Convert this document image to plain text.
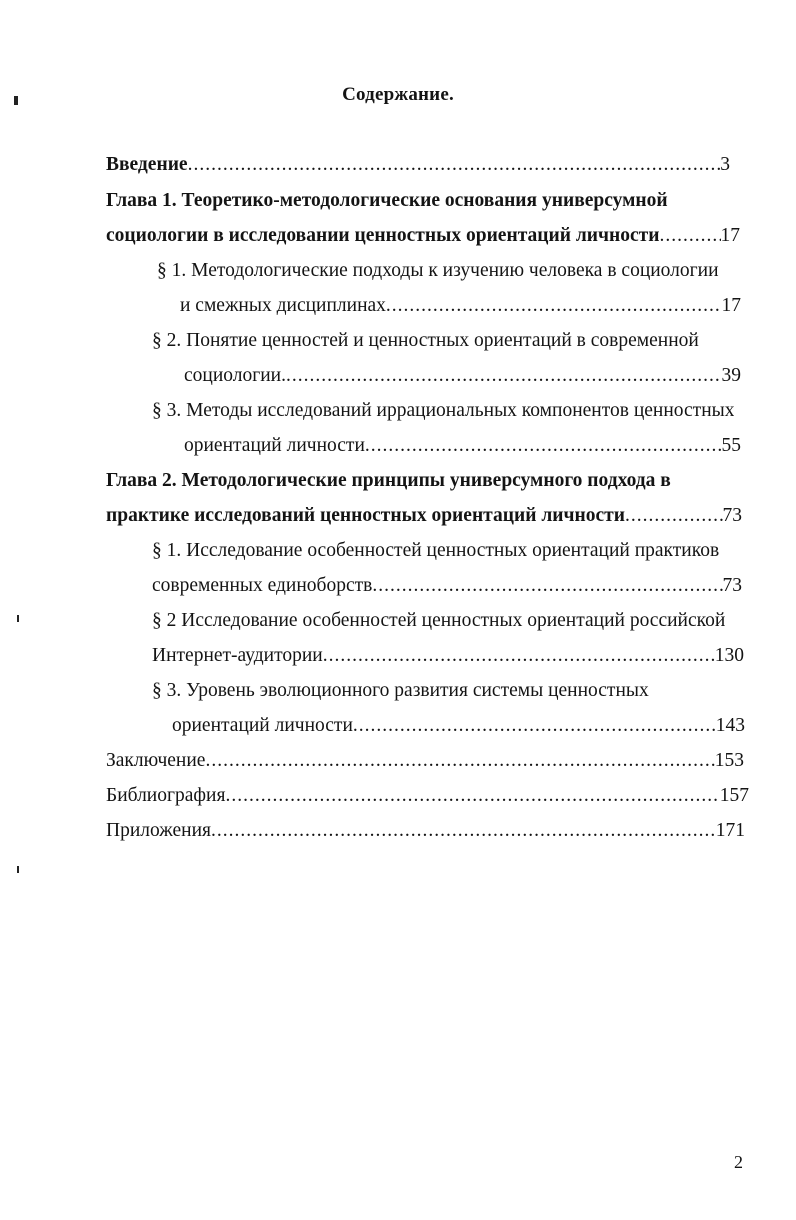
Содержание.
Введение .....	3
Глава 1. Теоретико-методологические основания универсумной
социологии в исследовании ценностных ориентаций личности .....	17
§ 1. Методологические подходы к изучению человека в социологии
и смежных дисциплинах .....	17
§ 2. Понятие ценностей и ценностных ориентаций в современной
социологии. .....	39
§ 3. Методы исследований иррациональных компонентов ценностных
ориентаций личности .....	55
Глава 2. Методологические принципы универсумного подхода в
практике исследований ценностных ориентаций личности .....	73
§ 1. Исследование особенностей ценностных ориентаций практиков
современных единоборств .....	73
§ 2 Исследование особенностей ценностных ориентаций российской
Интернет-аудитории .....	130
§ 3. Уровень эволюционного развития системы ценностных
ориентаций личности .....	143
Заключение .....	153
Библиография .....	157
Приложения .....	171
2
